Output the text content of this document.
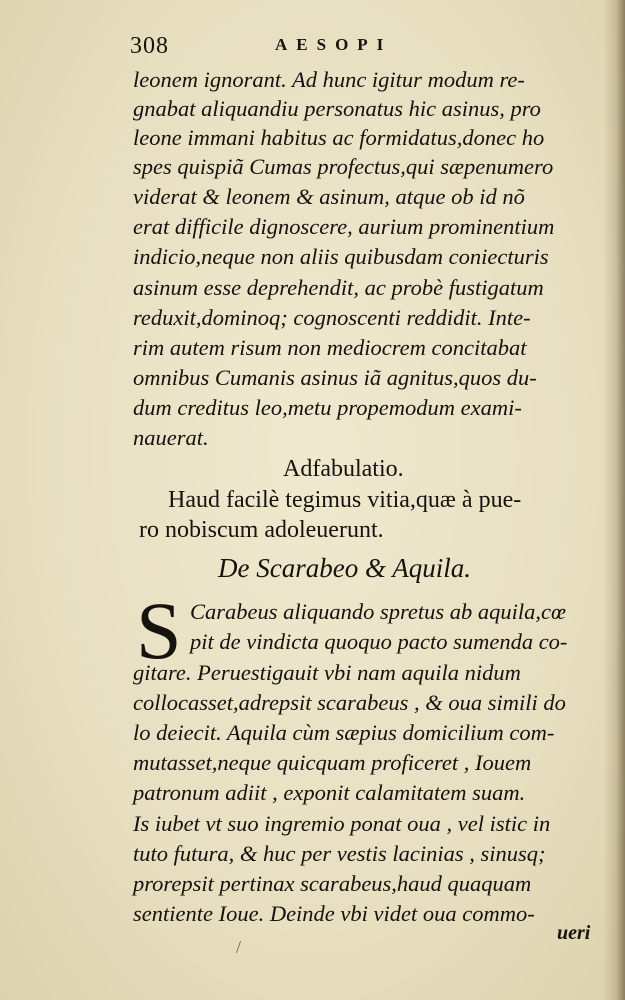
308	AESOPI
leonem ignorant. Ad hunc igitur modum re-
gnabat aliquandiu personatus hic asinus, pro
leone immani habitus ac formidatus,donec ho
spes quispiã Cumas profectus,qui sæpenumero
viderat & leonem & asinum, atque ob id nõ
erat difficile dignoscere, aurium prominentium
indicio,neque non aliis quibusdam coniecturis
asinum esse deprehendit, ac probè fustigatum
reduxit,dominoq; cognoscenti reddidit. Inte-
rim autem risum non mediocrem concitabat
omnibus Cumanis asinus iã agnitus,quos du-
dum creditus leo,metu propemodum exami-
nauerat.
Adfabulatio.
Haud facilè tegimus vitia,quæ à pue-
ro nobiscum adoleuerunt.
De Scarabeo & Aquila.
S Carabeus aliquando spretus ab aquila,cœ
pit de vindicta quoquo pacto sumenda co-
gitare. Peruestigauit vbi nam aquila nidum
collocasset,adrepsit scarabeus , & oua simili do
lo deiecit. Aquila cùm sæpius domicilium com-
mutasset,neque quicquam proficeret , Iouem
patronum adiit , exponit calamitatem suam.
Is iubet vt suo ingremio ponat oua , vel istic in
tuto futura, & huc per vestis lacinias , sinusq;
prorepsit pertinax scarabeus,haud quaquam
sentiente Ioue. Deinde vbi videt oua commo-
/
ueri
